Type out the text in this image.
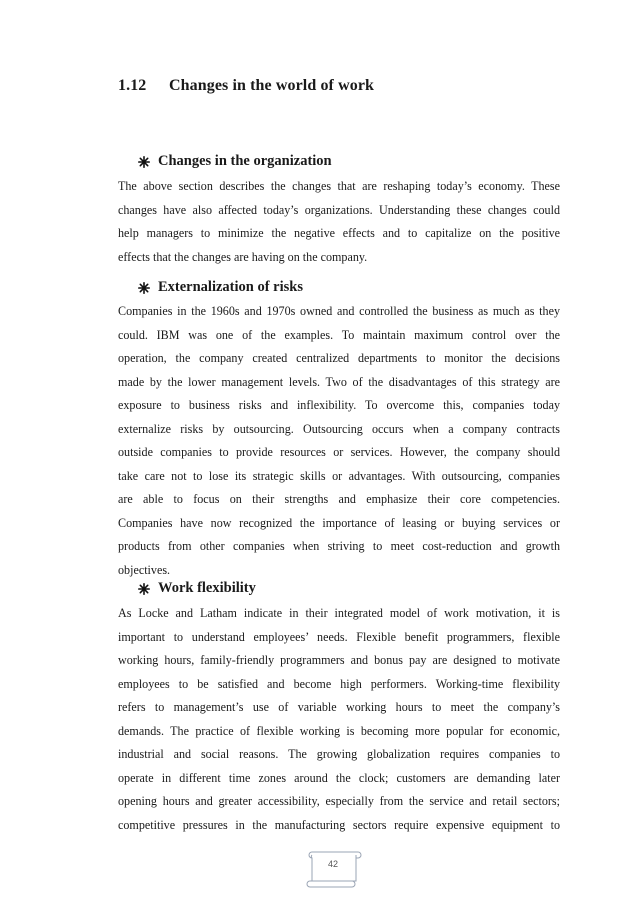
1.12 Changes in the world of work
Changes in the organization
The above section describes the changes that are reshaping today’s economy. These
changes have also affected today’s organizations. Understanding these changes could
help managers to minimize the negative effects and to capitalize on the positive
effects that the changes are having on the company.
Externalization of risks
Companies in the 1960s and 1970s owned and controlled the business as much as they
could. IBM was one of the examples. To maintain maximum control over the
operation, the company created centralized departments to monitor the decisions
made by the lower management levels. Two of the disadvantages of this strategy are
exposure to business risks and inflexibility. To overcome this, companies today
externalize risks by outsourcing. Outsourcing occurs when a company contracts
outside companies to provide resources or services. However, the company should
take care not to lose its strategic skills or advantages. With outsourcing, companies
are able to focus on their strengths and emphasize their core competencies.
Companies have now recognized the importance of leasing or buying services or
products from other companies when striving to meet cost-reduction and growth
objectives.
Work flexibility
As Locke and Latham indicate in their integrated model of work motivation, it is
important to understand employees’ needs. Flexible benefit programmers, flexible
working hours, family-friendly programmers and bonus pay are designed to motivate
employees to be satisfied and become high performers. Working-time flexibility
refers to management’s use of variable working hours to meet the company’s
demands. The practice of flexible working is becoming more popular for economic,
industrial and social reasons. The growing globalization requires companies to
operate in different time zones around the clock; customers are demanding later
opening hours and greater accessibility, especially from the service and retail sectors;
competitive pressures in the manufacturing sectors require expensive equipment to
42
